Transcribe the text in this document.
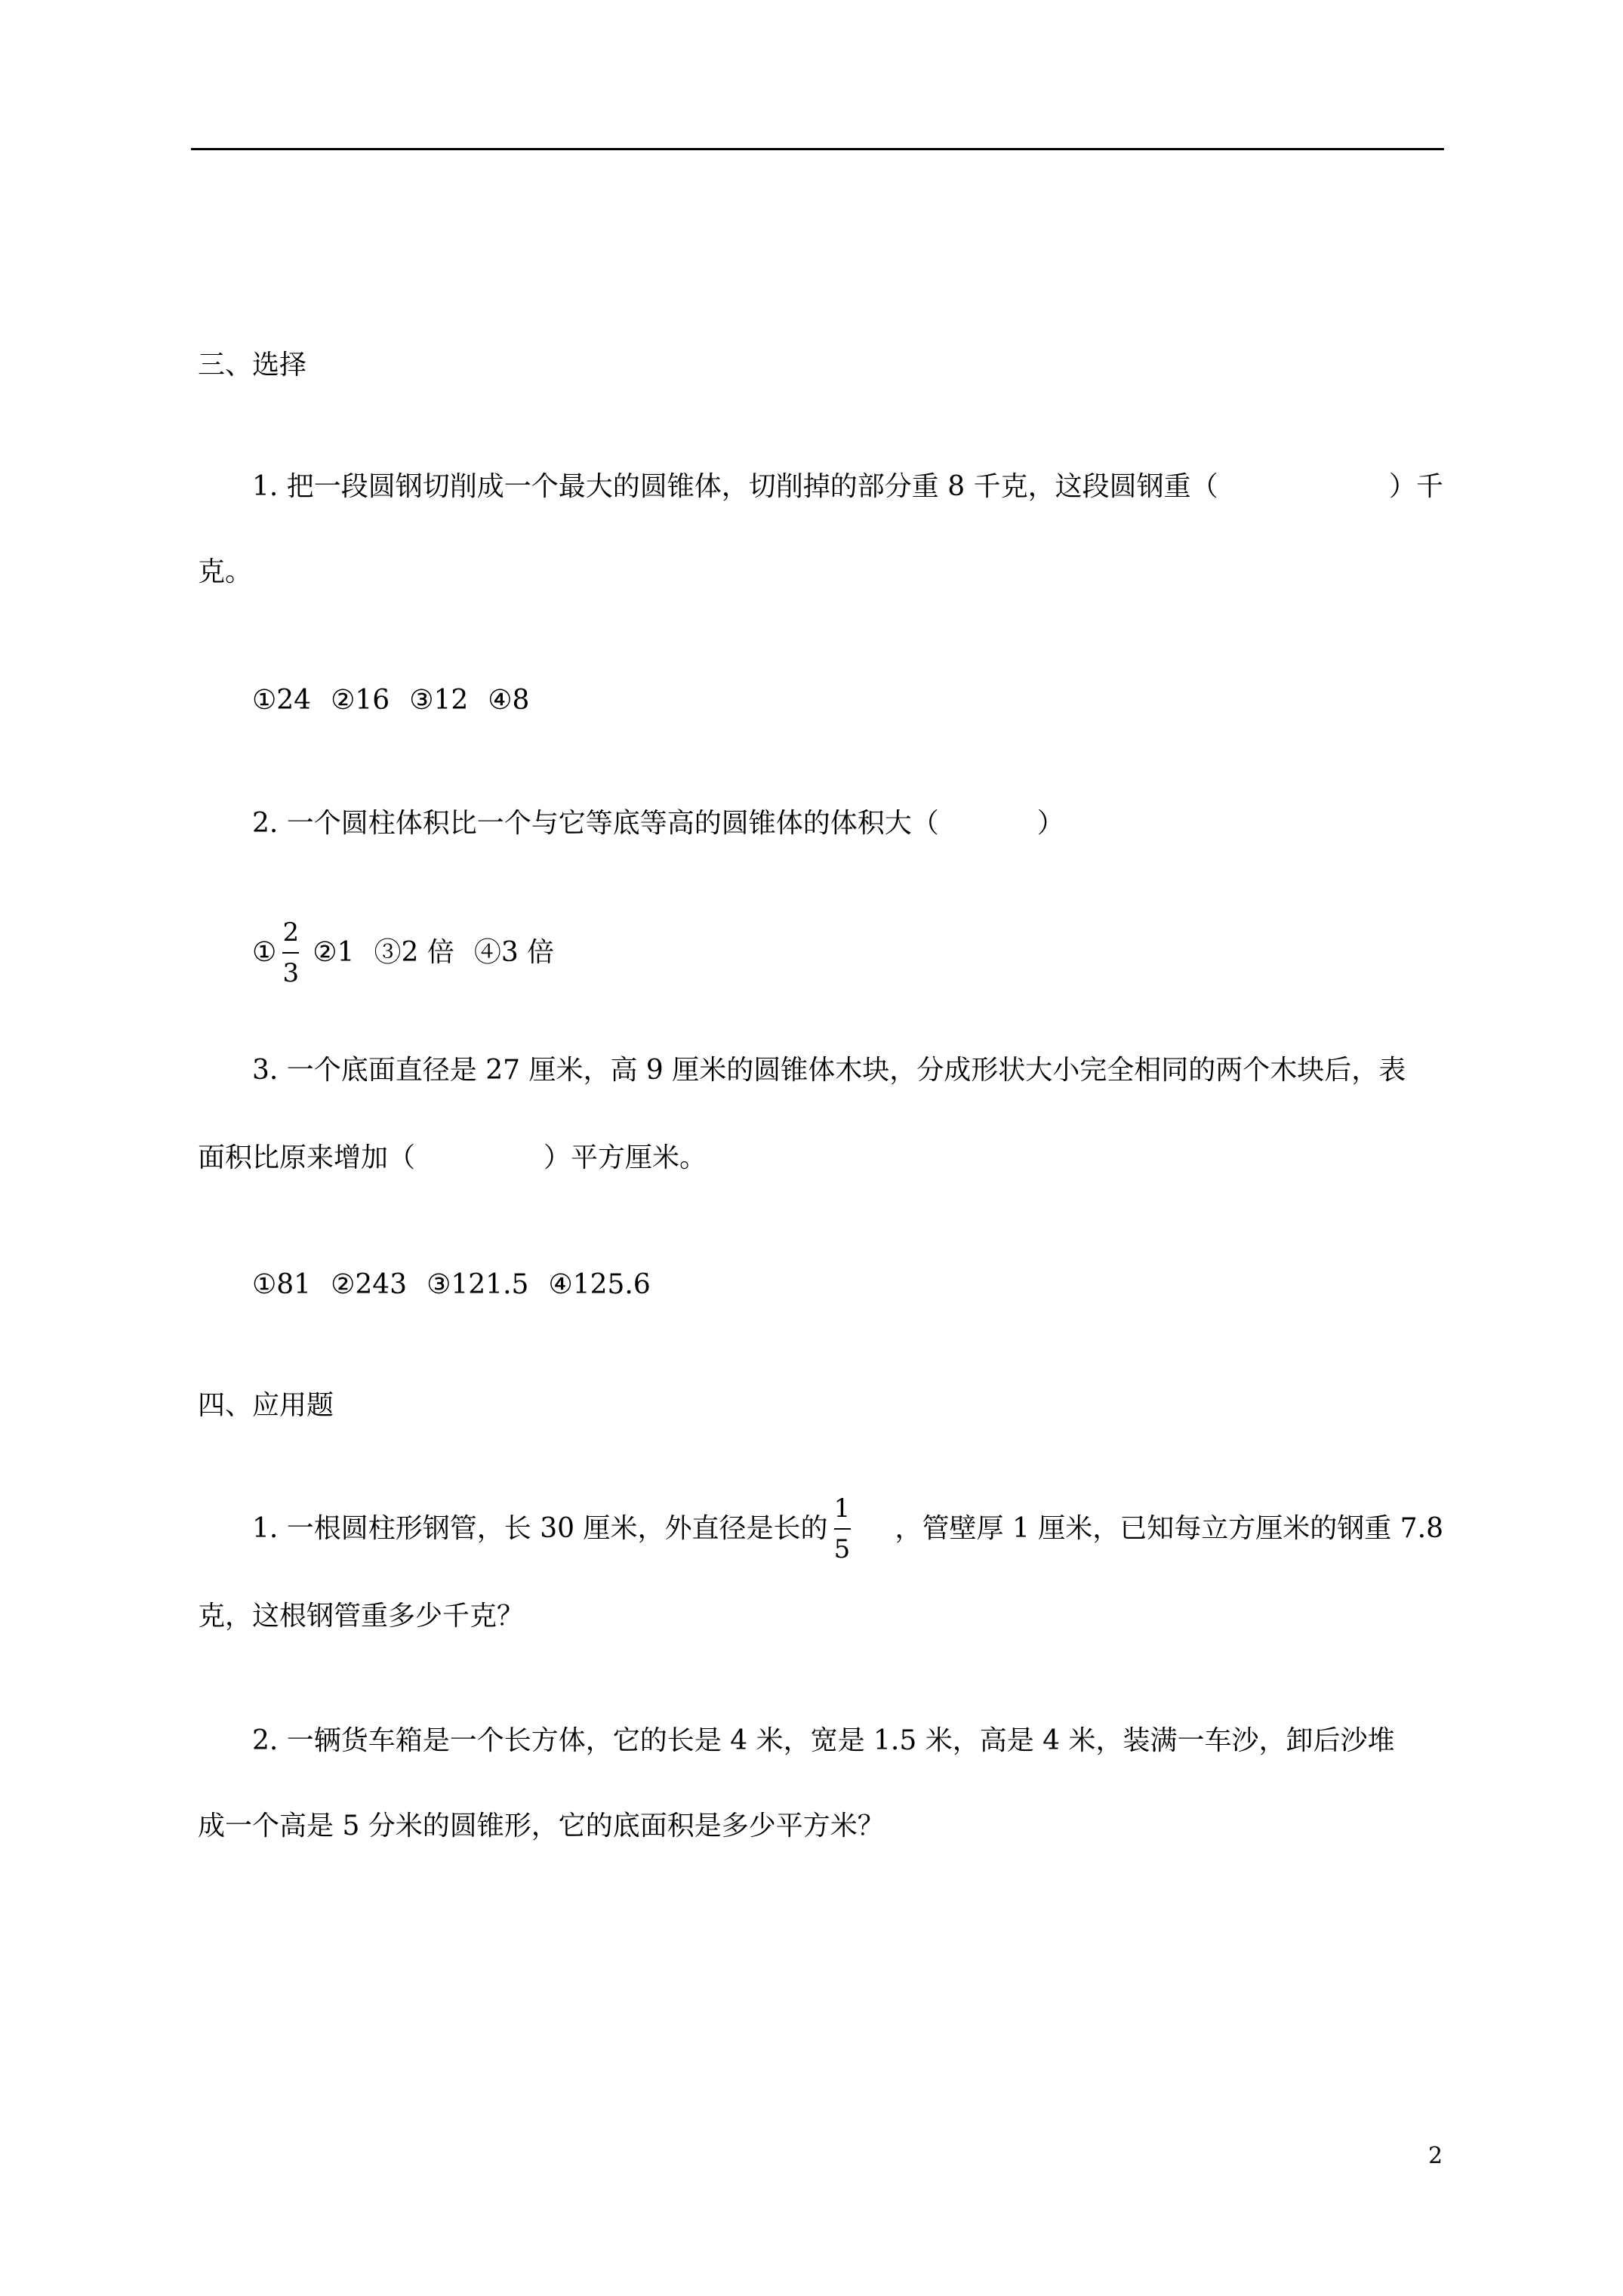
三、选择
1. 把一段圆钢切削成一个最大的圆锥体，切削掉的部分重 8 千克，这段圆钢重（	）千
克。
①24 ②16 ③12 ④8
2. 一个圆柱体积比一个与它等底等高的圆锥体的体积大（	）
① $\frac{2}{3}$ ②1 ③2 倍 ④3 倍
3. 一个底面直径是 27 厘米，高 9 厘米的圆锥体木块，分成形状大小完全相同的两个木块后，表
面积比原来增加（	）平方厘米。
①81 ②243 ③121.5 ④125.6
四、应用题
1. 一根圆柱形钢管，长 30 厘米，外直径是长的 $\frac{1}{5}$ ，管壁厚 1 厘米，已知每立方厘米的钢重 7.8
克，这根钢管重多少千克？
2. 一辆货车箱是一个长方体，它的长是 4 米，宽是 1.5 米，高是 4 米，装满一车沙，卸后沙堆
成一个高是 5 分米的圆锥形，它的底面积是多少平方米？
2
